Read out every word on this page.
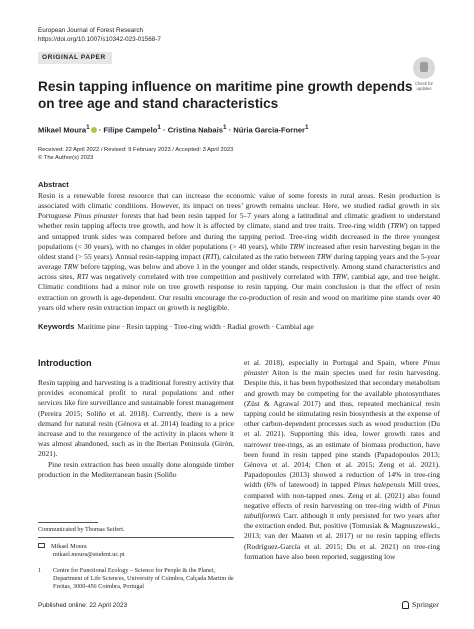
European Journal of Forest Research
https://doi.org/10.1007/s10342-023-01568-7
ORIGINAL PAPER
Check for
updates
Resin tapping influence on maritime pine growth depends on tree age and stand characteristics
Mikael Moura$^1$ · Filipe Campelo$^1$ · Cristina Nabais$^1$ · Núria Garcia-Forner$^1$
Received: 22 April 2022 / Revised: 9 February 2023 / Accepted: 3 April 2023
© The Author(s) 2023
Abstract
Resin is a renewable forest resource that can increase the economic value of some forests in rural areas. Resin production is associated with climatic conditions. However, its impact on trees’ growth remains unclear. Here, we studied radial growth in six Portuguese Pinus pinaster forests that had been resin tapped for 5–7 years along a latitudinal and climatic gradient to understand whether resin tapping affects tree growth, and how it is affected by climate, stand and tree traits. Tree-ring width (TRW) on tapped and untapped trunk sides was compared before and during the tapping period. Tree-ring width decreased in the three youngest populations (< 30 years), with no changes in older populations (> 40 years), while TRW increased after resin harvesting began in the oldest stand (> 55 years). Annual resin-tapping impact (RTI), calculated as the ratio between TRW during tapping years and the 5-year average TRW before tapping, was below and above 1 in the younger and older stands, respectively. Among stand characteristics and across sites, RTI was negatively correlated with tree competition and positively correlated with TRW, cambial age, and tree height. Climatic conditions had a minor role on tree growth response to resin tapping. Our main conclusion is that the effect of resin extraction on growth is age-dependent. Our results encourage the co-production of resin and wood on maritime pine stands over 40 years old where resin extraction impact on growth is negligible.
Keywords Maritime pine · Resin tapping · Tree-ring width · Radial growth · Cambial age
Introduction

Resin tapping and harvesting is a traditional forestry activity that provides economical profit to rural populations and other services like fire surveillance and sustainable forest management (Pereira 2015; Soliño et al. 2018). Currently, there is a new demand for natural resin (Génova et al. 2014) leading to a price increase and to the resurgence of the activity in places where it was almost abandoned, such as in the Iberian Peninsula (Girón, 2021).

Pine resin extraction has been usually done alongside timber production in the Mediterranean basin (Soliño

et al. 2018), especially in Portugal and Spain, where Pinus pinaster Aiton is the main species used for resin harvesting. Despite this, it has been hypothesized that secondary metabolism and growth may be competing for the available photosynthates (Züst & Agrawal 2017) and thus, repeated mechanical resin tapping could be stimulating resin biosynthesis at the expense of other carbon-dependent processes such as wood production (Du et al. 2021). Supporting this idea, lower growth rates and narrower tree-rings, as an estimate of biomass production, have been found in resin tapped pine stands (Papadopoulos 2013; Génova et al. 2014; Chen et al. 2015; Zeng et al. 2021). Papadopoulos (2013) showed a reduction of 14% in tree-ring width (6% of latewood) in tapped Pinus halepensis Mill trees, compared with non-tapped ones. Zeng et al. (2021) also found negative effects of resin harvesting on tree-ring width of Pinus tabuliformis Carr. although it only persisted for two years after the extraction ended. But, positive (Tomusiak & Magnuszewski., 2013; van der Maaten et al. 2017) or no resin tapping effects (Rodríguez-García et al. 2015; Du et al. 2021) on tree-ring formation have also been reported, suggesting low
Communicated by Thomas Seifert.
Mikael Moura
mikael.moura@student.uc.pt
1	Centre for Functional Ecology – Science for People & the Planet, Department of Life Sciences, University of Coimbra, Calçada Martim de Freitas, 3000-456 Coimbra, Portugal
Published online: 22 April 2023	Springer
